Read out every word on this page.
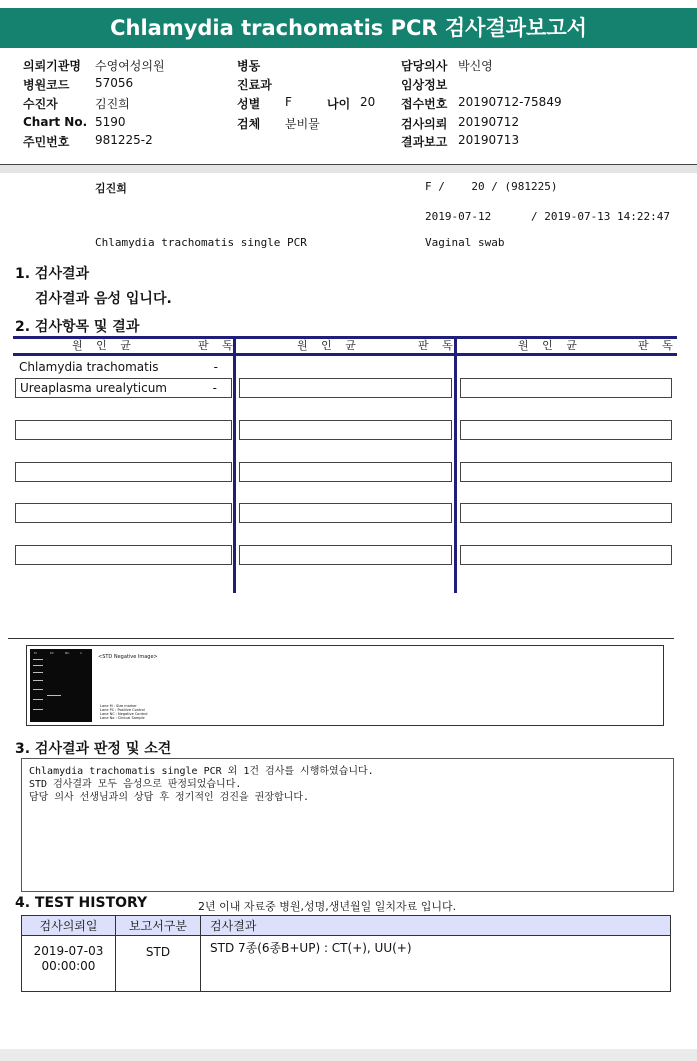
Chlamydia trachomatis PCR 검사결과보고서
의뢰기관명 수영여성의원
병원코드 57056
수진자	김진희
Chart No. 5190
주민번호 981225-2
병동
진료과
성별 F	나이 20
검체 분비물
담당의사 박신영
임상정보
접수번호 20190712-75849
검사의뢰 20190712
결과보고 20190713
김진희	F /    20 / (981225)
2019-07-12      / 2019-07-13 14:22:47
Chlamydia trachomatis single PCR	Vaginal swab
1. 검사결과
검사결과 음성 입니다.
2. 검사항목 및 결과
원 인 균	판 독	원 인 균	판 독	원 인 균	판 독
Chlamydia trachomatis	-
Ureaplasma urealyticum	-
M	PC	NC	1
<STD Negative Image>
Lane M : Size marker
Lane PC : Positive Control
Lane NC : Negative Control
Lane No : Clinical Sample
3. 검사결과 판정 및 소견
Chlamydia trachomatis single PCR 외 1건 검사를 시행하였습니다.
STD 검사결과 모두 음성으로 판정되었습니다.
담당 의사 선생님과의 상담 후 정기적인 검진을 권장합니다.
4. TEST HISTORY	2년 이내 자료중 병원,성명,생년월일 일치자료 입니다.
검사의뢰일	보고서구분	검사결과
2019-07-03
00:00:00
STD	STD 7종(6종B+UP) : CT(+), UU(+)
